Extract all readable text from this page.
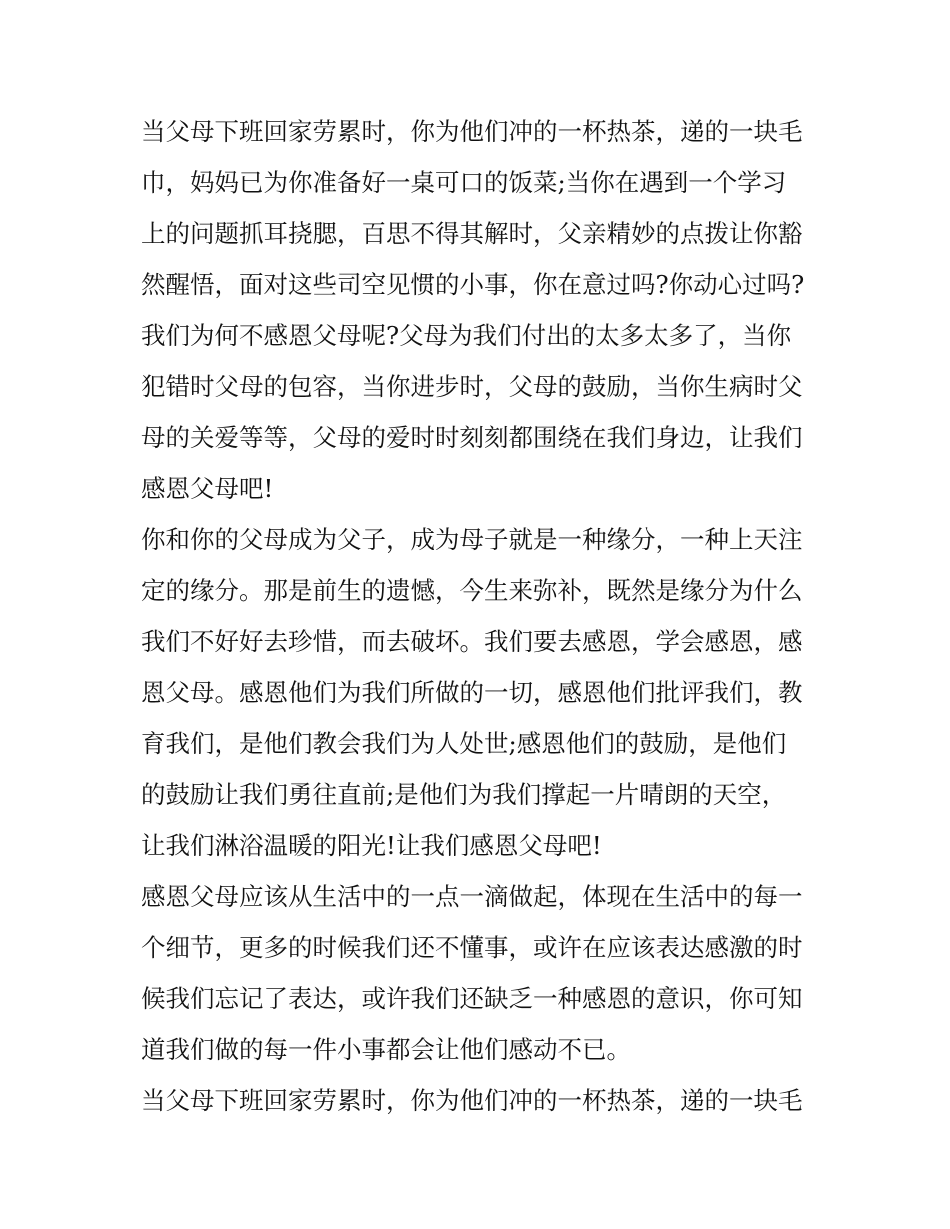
当父母下班回家劳累时，你为他们冲的一杯热茶，递的一块毛
巾，妈妈已为你准备好一桌可口的饭菜;当你在遇到一个学习
上的问题抓耳挠腮，百思不得其解时，父亲精妙的点拨让你豁
然醒悟，面对这些司空见惯的小事，你在意过吗?你动心过吗?
我们为何不感恩父母呢?父母为我们付出的太多太多了，当你
犯错时父母的包容，当你进步时，父母的鼓励，当你生病时父
母的关爱等等，父母的爱时时刻刻都围绕在我们身边，让我们
感恩父母吧!
你和你的父母成为父子，成为母子就是一种缘分，一种上天注
定的缘分。那是前生的遗憾，今生来弥补，既然是缘分为什么
我们不好好去珍惜，而去破坏。我们要去感恩，学会感恩，感
恩父母。感恩他们为我们所做的一切，感恩他们批评我们，教
育我们，是他们教会我们为人处世;感恩他们的鼓励，是他们
的鼓励让我们勇往直前;是他们为我们撑起一片晴朗的天空，
让我们淋浴温暖的阳光!让我们感恩父母吧!
感恩父母应该从生活中的一点一滴做起，体现在生活中的每一
个细节，更多的时候我们还不懂事，或许在应该表达感激的时
候我们忘记了表达，或许我们还缺乏一种感恩的意识，你可知
道我们做的每一件小事都会让他们感动不已。
当父母下班回家劳累时，你为他们冲的一杯热茶，递的一块毛
